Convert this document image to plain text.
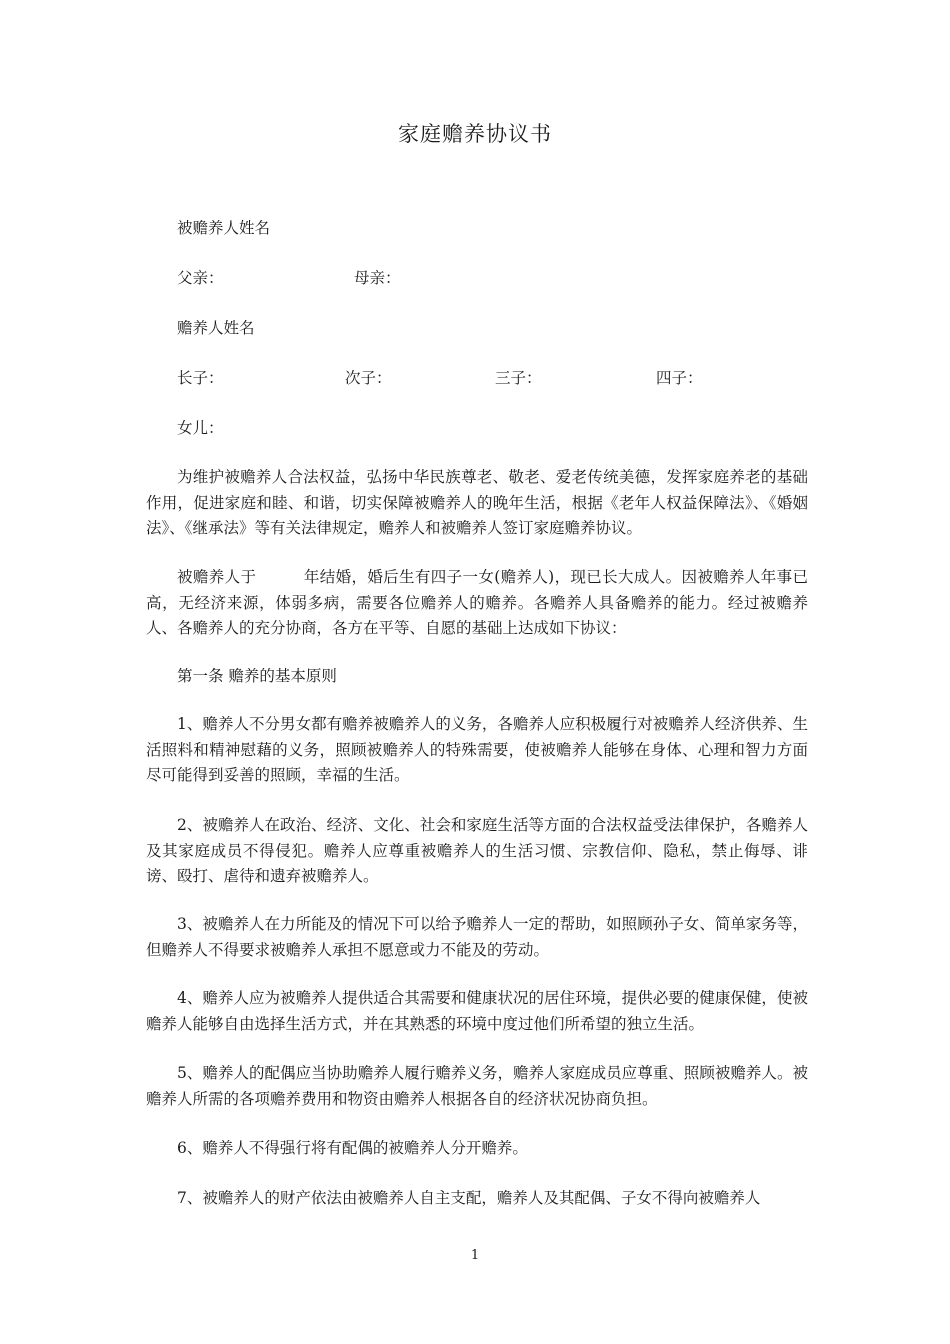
家庭赡养协议书
被赡养人姓名
父亲：	母亲：
赡养人姓名
长子：	次子：	三子：	四子：
女儿：
为维护被赡养人合法权益，弘扬中华民族尊老、敬老、爱老传统美德，发挥家庭养老的基础作用，促进家庭和睦、和谐，切实保障被赡养人的晚年生活，根据《老年人权益保障法》、《婚姻法》、《继承法》等有关法律规定，赡养人和被赡养人签订家庭赡养协议。
被赡养人于　　　年结婚，婚后生有四子一女(赡养人)，现已长大成人。因被赡养人年事已高，无经济来源，体弱多病，需要各位赡养人的赡养。各赡养人具备赡养的能力。经过被赡养人、各赡养人的充分协商，各方在平等、自愿的基础上达成如下协议：
第一条 赡养的基本原则
1、赡养人不分男女都有赡养被赡养人的义务，各赡养人应积极履行对被赡养人经济供养、生活照料和精神慰藉的义务，照顾被赡养人的特殊需要，使被赡养人能够在身体、心理和智力方面尽可能得到妥善的照顾，幸福的生活。
2、被赡养人在政治、经济、文化、社会和家庭生活等方面的合法权益受法律保护，各赡养人及其家庭成员不得侵犯。赡养人应尊重被赡养人的生活习惯、宗教信仰、隐私，禁止侮辱、诽谤、殴打、虐待和遗弃被赡养人。
3、被赡养人在力所能及的情况下可以给予赡养人一定的帮助，如照顾孙子女、简单家务等，但赡养人不得要求被赡养人承担不愿意或力不能及的劳动。
4、赡养人应为被赡养人提供适合其需要和健康状况的居住环境，提供必要的健康保健，使被赡养人能够自由选择生活方式，并在其熟悉的环境中度过他们所希望的独立生活。
5、赡养人的配偶应当协助赡养人履行赡养义务，赡养人家庭成员应尊重、照顾被赡养人。被赡养人所需的各项赡养费用和物资由赡养人根据各自的经济状况协商负担。
6、赡养人不得强行将有配偶的被赡养人分开赡养。
7、被赡养人的财产依法由被赡养人自主支配，赡养人及其配偶、子女不得向被赡养人
1
